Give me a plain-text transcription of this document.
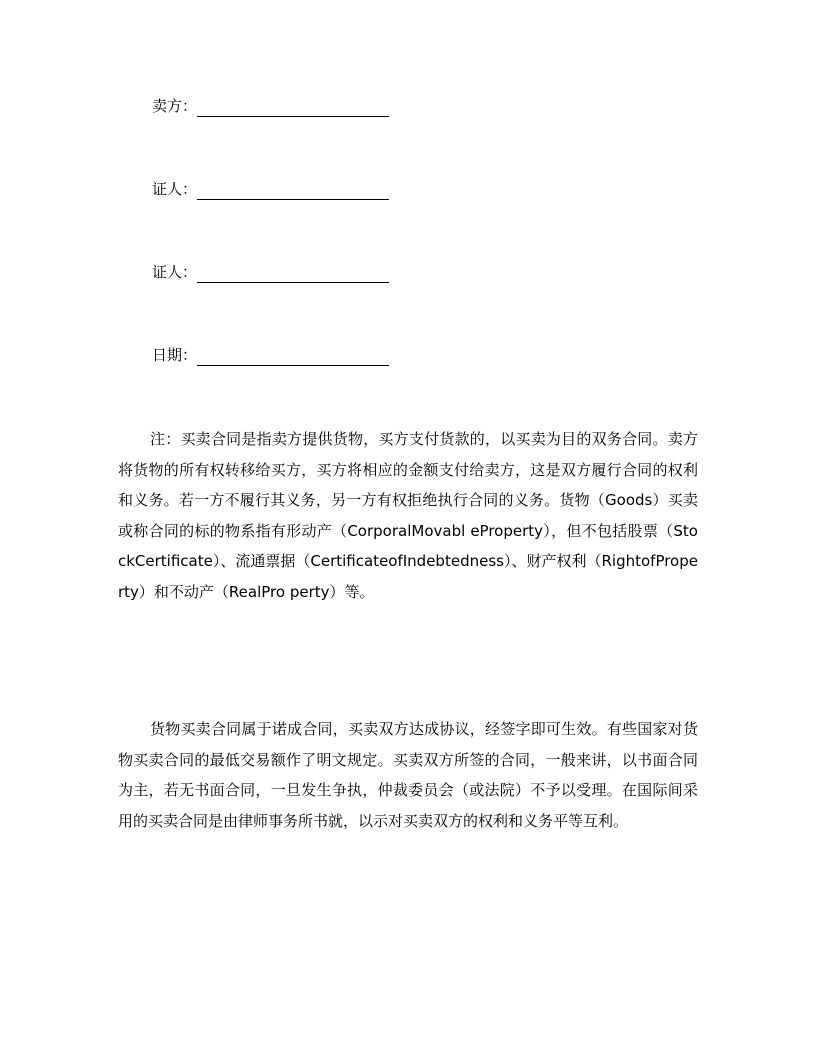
卖方：
证人：
证人：
日期：

注：买卖合同是指卖方提供货物，买方支付货款的，以买卖为目的双务合同。卖方将货物的所有权转移给买方，买方将相应的金额支付给卖方，这是双方履行合同的权利和义务。若一方不履行其义务，另一方有权拒绝执行合同的义务。货物（Goods）买卖或称合同的标的物系指有形动产（CorporalMovabl eProperty），但不包括股票（StockCertificate）、流通票据（CertificateofIndebtedness）、财产权利（RightofProperty）和不动产（RealPro perty）等。

货物买卖合同属于诺成合同，买卖双方达成协议，经签字即可生效。有些国家对货物买卖合同的最低交易额作了明文规定。买卖双方所签的合同，一般来讲，以书面合同为主，若无书面合同，一旦发生争执，仲裁委员会（或法院）不予以受理。在国际间采用的买卖合同是由律师事务所书就，以示对买卖双方的权利和义务平等互利。
